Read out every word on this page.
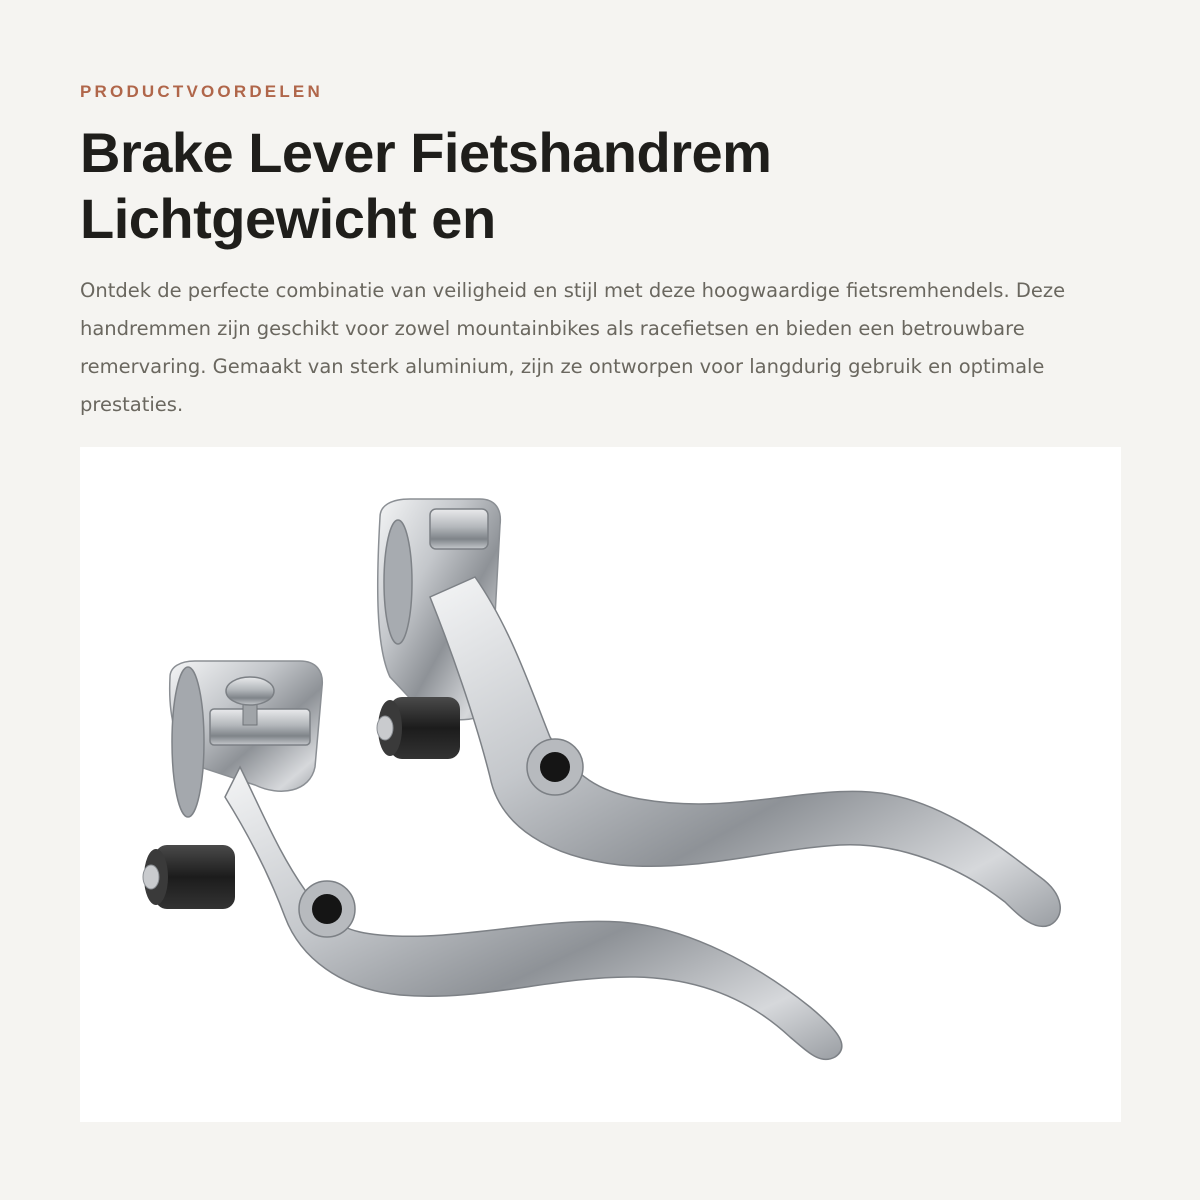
PRODUCTVOORDELEN

Brake Lever Fietshandrem Lichtgewicht en

Ontdek de perfecte combinatie van veiligheid en stijl met deze hoogwaardige fietsremhendels. Deze handremmen zijn geschikt voor zowel mountainbikes als racefietsen en bieden een betrouwbare remervaring. Gemaakt van sterk aluminium, zijn ze ontworpen voor langdurig gebruik en optimale prestaties.
